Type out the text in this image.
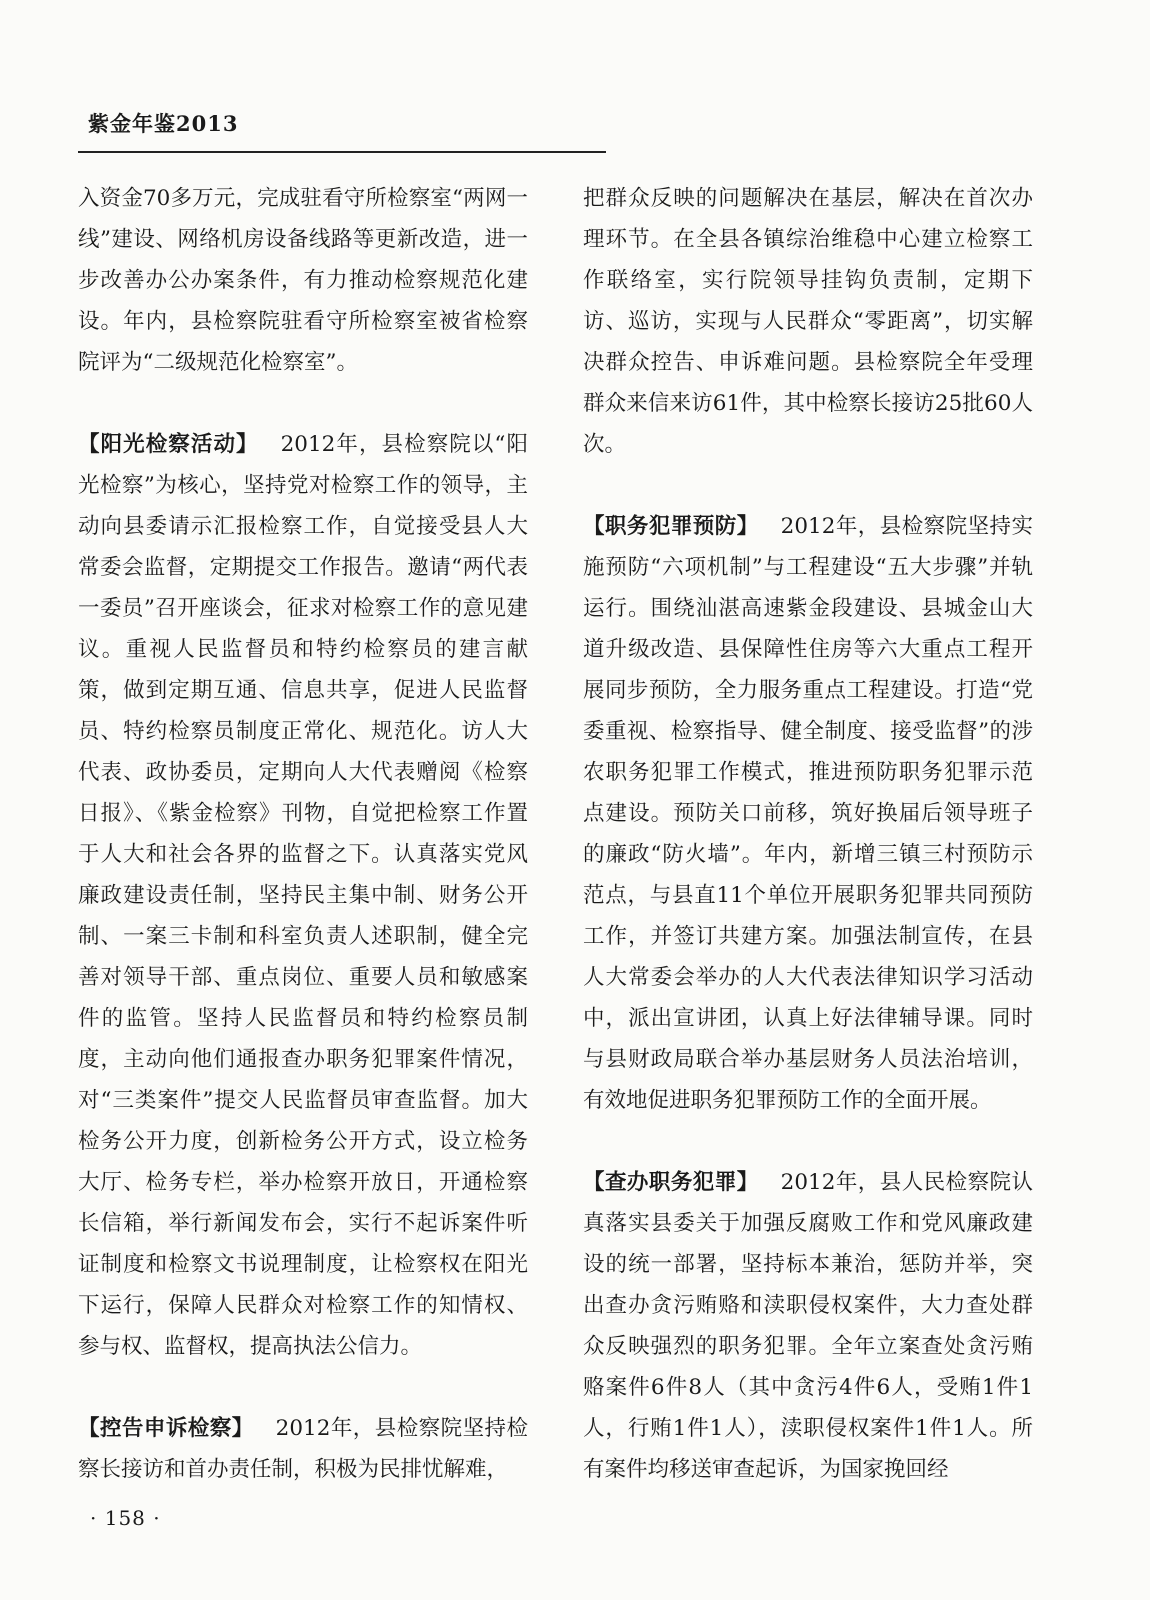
紫金年鉴2013

入资金70多万元，完成驻看守所检察室“两网一线”建设、网络机房设备线路等更新改造，进一步改善办公办案条件，有力推动检察规范化建设。年内，县检察院驻看守所检察室被省检察院评为“二级规范化检察室”。

【阳光检察活动】 2012年，县检察院以“阳光检察”为核心，坚持党对检察工作的领导，主动向县委请示汇报检察工作，自觉接受县人大常委会监督，定期提交工作报告。邀请“两代表一委员”召开座谈会，征求对检察工作的意见建议。重视人民监督员和特约检察员的建言献策，做到定期互通、信息共享，促进人民监督员、特约检察员制度正常化、规范化。访人大代表、政协委员，定期向人大代表赠阅《检察日报》、《紫金检察》刊物，自觉把检察工作置于人大和社会各界的监督之下。认真落实党风廉政建设责任制，坚持民主集中制、财务公开制、一案三卡制和科室负责人述职制，健全完善对领导干部、重点岗位、重要人员和敏感案件的监管。坚持人民监督员和特约检察员制度，主动向他们通报查办职务犯罪案件情况，对“三类案件”提交人民监督员审查监督。加大检务公开力度，创新检务公开方式，设立检务大厅、检务专栏，举办检察开放日，开通检察长信箱，举行新闻发布会，实行不起诉案件听证制度和检察文书说理制度，让检察权在阳光下运行，保障人民群众对检察工作的知情权、参与权、监督权，提高执法公信力。

【控告申诉检察】 2012年，县检察院坚持检察长接访和首办责任制，积极为民排忧解难，

把群众反映的问题解决在基层，解决在首次办理环节。在全县各镇综治维稳中心建立检察工作联络室，实行院领导挂钩负责制，定期下访、巡访，实现与人民群众“零距离”，切实解决群众控告、申诉难问题。县检察院全年受理群众来信来访61件，其中检察长接访25批60人次。

【职务犯罪预防】 2012年，县检察院坚持实施预防“六项机制”与工程建设“五大步骤”并轨运行。围绕汕湛高速紫金段建设、县城金山大道升级改造、县保障性住房等六大重点工程开展同步预防，全力服务重点工程建设。打造“党委重视、检察指导、健全制度、接受监督”的涉农职务犯罪工作模式，推进预防职务犯罪示范点建设。预防关口前移，筑好换届后领导班子的廉政“防火墙”。年内，新增三镇三村预防示范点，与县直11个单位开展职务犯罪共同预防工作，并签订共建方案。加强法制宣传，在县人大常委会举办的人大代表法律知识学习活动中，派出宣讲团，认真上好法律辅导课。同时与县财政局联合举办基层财务人员法治培训，有效地促进职务犯罪预防工作的全面开展。

【查办职务犯罪】 2012年，县人民检察院认真落实县委关于加强反腐败工作和党风廉政建设的统一部署，坚持标本兼治，惩防并举，突出查办贪污贿赂和渎职侵权案件，大力查处群众反映强烈的职务犯罪。全年立案查处贪污贿赂案件6件8人（其中贪污4件6人，受贿1件1人，行贿1件1人），渎职侵权案件1件1人。所有案件均移送审查起诉，为国家挽回经

· 158 ·
